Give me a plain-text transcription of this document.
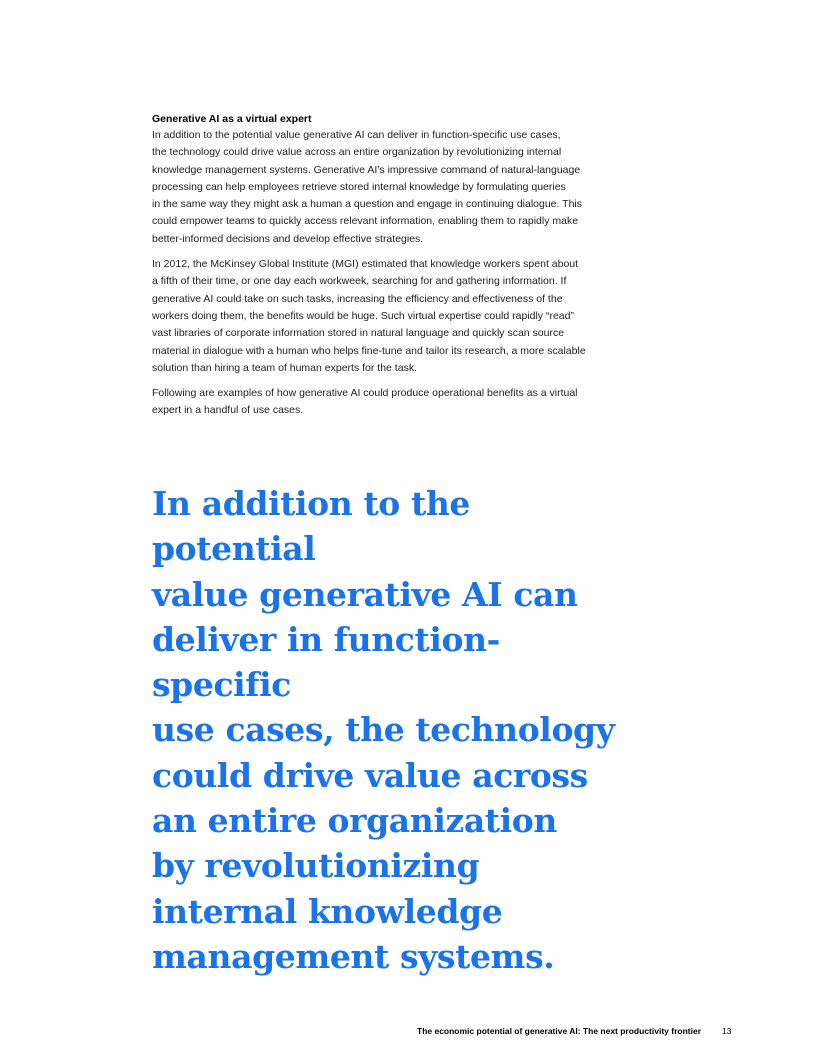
Generative AI as a virtual expert

In addition to the potential value generative AI can deliver in function-specific use cases,
the technology could drive value across an entire organization by revolutionizing internal
knowledge management systems. Generative AI’s impressive command of natural-language
processing can help employees retrieve stored internal knowledge by formulating queries
in the same way they might ask a human a question and engage in continuing dialogue. This
could empower teams to quickly access relevant information, enabling them to rapidly make
better-informed decisions and develop effective strategies.

In 2012, the McKinsey Global Institute (MGI) estimated that knowledge workers spent about
a fifth of their time, or one day each workweek, searching for and gathering information. If
generative AI could take on such tasks, increasing the efficiency and effectiveness of the
workers doing them, the benefits would be huge. Such virtual expertise could rapidly “read”
vast libraries of corporate information stored in natural language and quickly scan source
material in dialogue with a human who helps fine-tune and tailor its research, a more scalable
solution than hiring a team of human experts for the task.

Following are examples of how generative AI could produce operational benefits as a virtual
expert in a handful of use cases.

In addition to the potential
value generative AI can
deliver in function-specific
use cases, the technology
could drive value across
an entire organization
by revolutionizing
internal knowledge
management systems.
The economic potential of generative AI: The next productivity frontier 13
